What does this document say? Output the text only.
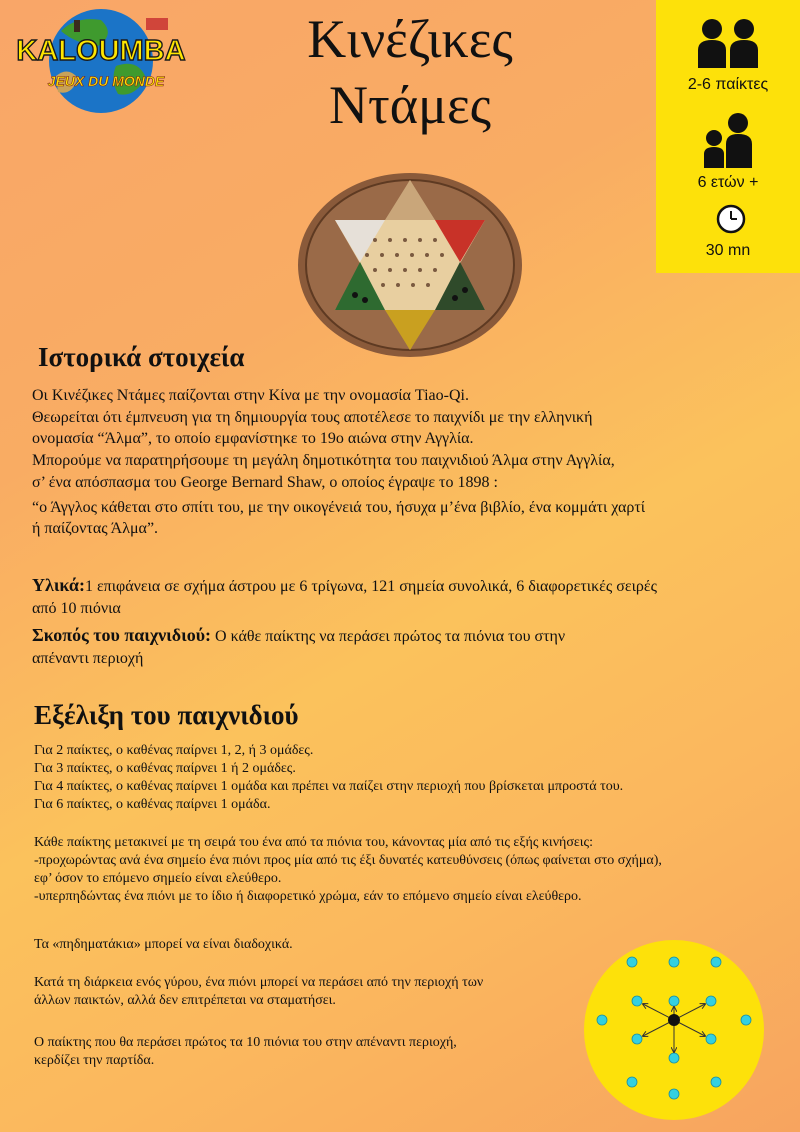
KALOUMBA
JEUX DU MONDE
Κινέζικες
Ντάμες	2-6 παίκτες
6 ετών +
30 mn
Ιστορικά στοιχεία
Οι Κινέζικες Ντάμες παίζονται στην Κίνα με την ονομασία Tiao-Qi.
Θεωρείται ότι έμπνευση για τη δημιουργία τους αποτέλεσε το παιχνίδι με την ελληνική
ονομασία “Άλμα”, το οποίο εμφανίστηκε το 19ο αιώνα στην Αγγλία.
Μπορούμε να παρατηρήσουμε τη μεγάλη δημοτικότητα του παιχνιδιού Άλμα στην Αγγλία,
σ’ ένα απόσπασμα του George Bernard Shaw, ο οποίος έγραψε το 1898 :
“ο Άγγλος κάθεται στο σπίτι του, με την οικογένειά του, ήσυχα μ’ένα βιβλίο, ένα κομμάτι χαρτί
ή παίζοντας Άλμα”.
Υλικά:1 επιφάνεια σε σχήμα άστρου με 6 τρίγωνα, 121 σημεία συνολικά, 6 διαφορετικές σειρές
από 10 πιόνια
Σκοπός του παιχνιδιού: Ο κάθε παίκτης να περάσει πρώτος τα πιόνια του στην
απέναντι περιοχή
Εξέλιξη του παιχνιδιού
Για 2 παίκτες, ο καθένας παίρνει 1, 2, ή 3 ομάδες.
Για 3 παίκτες, ο καθένας παίρνει 1 ή 2 ομάδες.
Για 4 παίκτες, ο καθένας παίρνει 1 ομάδα και πρέπει να παίζει στην περιοχή που βρίσκεται μπροστά του.
Για 6 παίκτες, ο καθένας παίρνει 1 ομάδα.
Κάθε παίκτης μετακινεί με τη σειρά του ένα από τα πιόνια του, κάνοντας μία από τις εξής κινήσεις:
-προχωρώντας ανά ένα σημείο ένα πιόνι προς μία από τις έξι δυνατές κατευθύνσεις (όπως φαίνεται στο σχήμα),
εφ’ όσον το επόμενο σημείο είναι ελεύθερο.
-υπερπηδώντας ένα πιόνι με το ίδιο ή διαφορετικό χρώμα, εάν το επόμενο σημείο είναι ελεύθερο.
Τα «πηδηματάκια» μπορεί να είναι διαδοχικά.
Κατά τη διάρκεια ενός γύρου, ένα πιόνι μπορεί να περάσει από την περιοχή των
άλλων παικτών, αλλά δεν επιτρέπεται να σταματήσει.
Ο παίκτης που θα περάσει πρώτος τα 10 πιόνια του στην απέναντι περιοχή,
κερδίζει την παρτίδα.
